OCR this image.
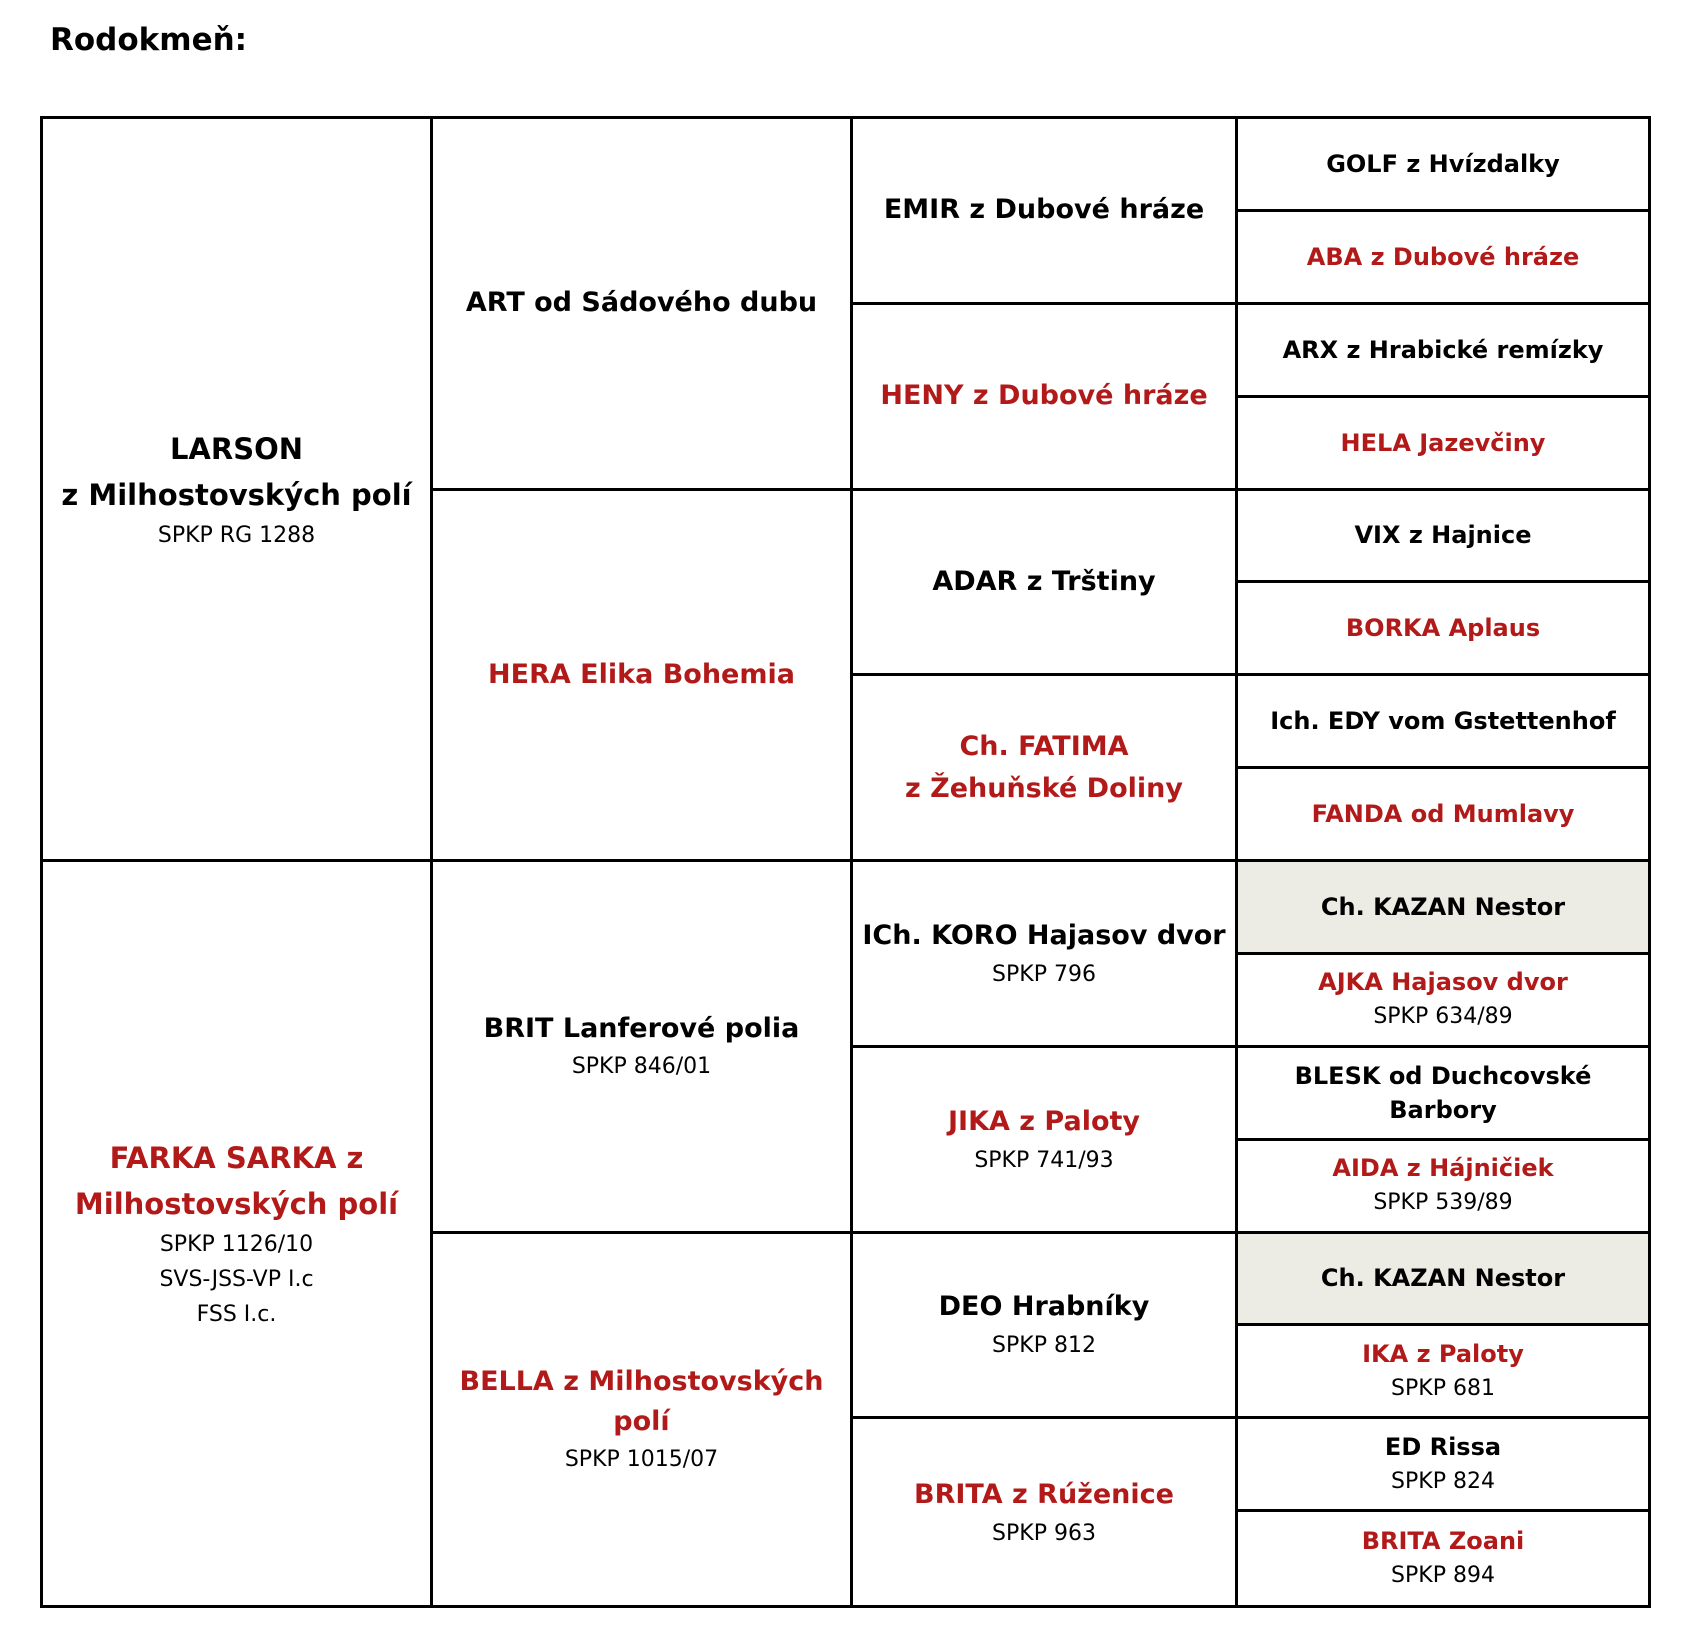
Rodokmeň:
LARSON
z Milhostovských polí
SPKP RG 1288
FARKA SARKA z
Milhostovských polí
SPKP 1126/10
SVS-JSS-VP I.c
FSS I.c.
ART od Sádového dubu
HERA Elika Bohemia
BRIT Lanferové polia
SPKP 846/01
BELLA z Milhostovských polí
SPKP 1015/07
EMIR z Dubové hráze
HENY z Dubové hráze
ADAR z Trštiny
Ch. FATIMA
z Žehuňské Doliny
ICh. KORO Hajasov dvor
SPKP 796
JIKA z Paloty
SPKP 741/93
DEO Hrabníky
SPKP 812
BRITA z Rúženice
SPKP 963
GOLF z Hvízdalky
ABA z Dubové hráze
ARX z Hrabické remízky
HELA Jazevčiny
VIX z Hajnice
BORKA Aplaus
Ich. EDY vom Gstettenhof
FANDA od Mumlavy
Ch. KAZAN Nestor
AJKA Hajasov dvor
SPKP 634/89
BLESK od Duchcovské Barbory
AIDA z Hájničiek
SPKP 539/89
Ch. KAZAN Nestor
IKA z Paloty
SPKP 681
ED Rissa
SPKP 824
BRITA Zoani
SPKP 894
